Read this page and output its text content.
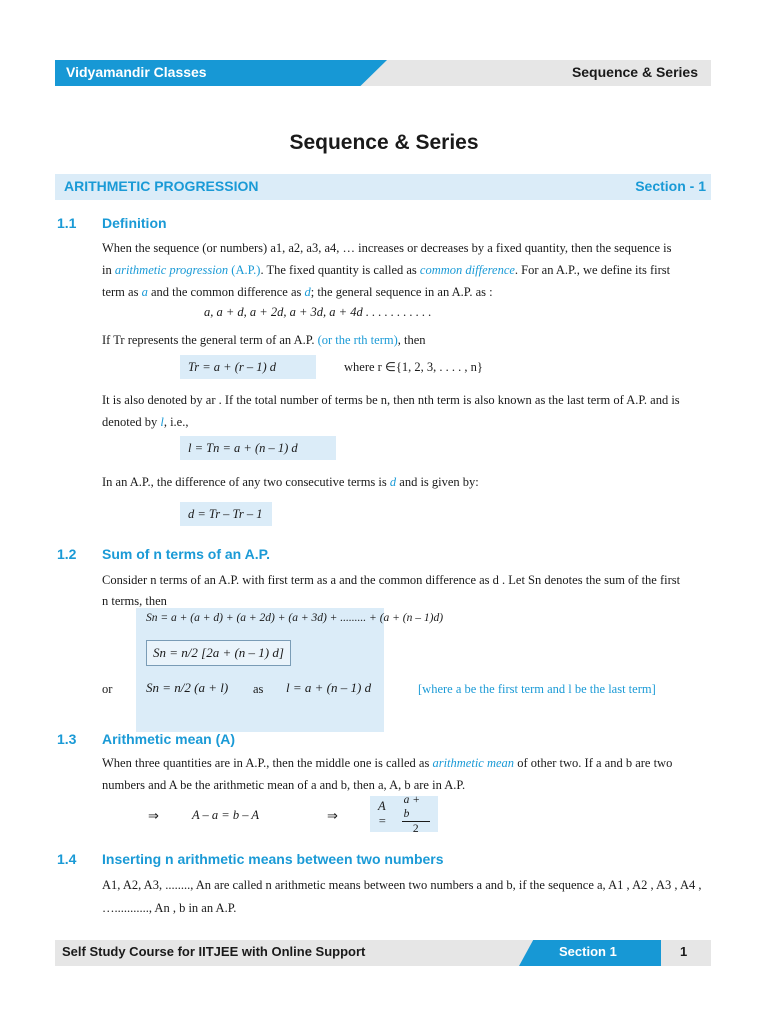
Vidyamandir Classes	Sequence & Series
Sequence & Series
ARITHMETIC PROGRESSION	Section - 1
1.1 Definition
When the sequence (or numbers) a1, a2, a3, a4, … increases or decreases by a fixed quantity, then the sequence is
in arithmetic progression (A.P.). The fixed quantity is called as common difference. For an A.P., we define its first
term as a and the common difference as d; the general sequence in an A.P. as :
a, a + d, a + 2d, a + 3d, a + 4d . . . . . . . . . . .
If Tr represents the general term of an A.P. (or the rth term), then
Tr = a + (r – 1) d	where r ∈{1, 2, 3, . . . . , n}
It is also denoted by ar . If the total number of terms be n, then nth term is also known as the last term of A.P. and is
denoted by l, i.e.,
l = Tn = a + (n – 1) d
In an A.P., the difference of any two consecutive terms is d and is given by:
d = Tr – Tr – 1
1.2 Sum of n terms of an A.P.
Consider n terms of an A.P. with first term as a and the common difference as d . Let Sn denotes the sum of the first
n terms, then
Sn = a + (a + d) + (a + 2d) + (a + 3d) + ......... + (a + (n – 1)d)
Sn = n/2 [2a + (n – 1) d]
or	Sn = n/2 (a + l) as l = a + (n – 1) d	[where a be the first term and l be the last term]
1.3 Arithmetic mean (A)
When three quantities are in A.P., then the middle one is called as arithmetic mean of other two. If a and b are two
numbers and A be the arithmetic mean of a and b, then a, A, b are in A.P.
⇒	A – a = b – A	⇒
A =	$\frac{a + b}{2}$
1.4 Inserting n arithmetic means between two numbers
A1, A2, A3, ........, An are called n arithmetic means between two numbers a and b, if the sequence a, A1 , A2 , A3 , A4 ,
…..........., An , b in an A.P.
Self Study Course for IITJEE with Online Support	Section 1	1
